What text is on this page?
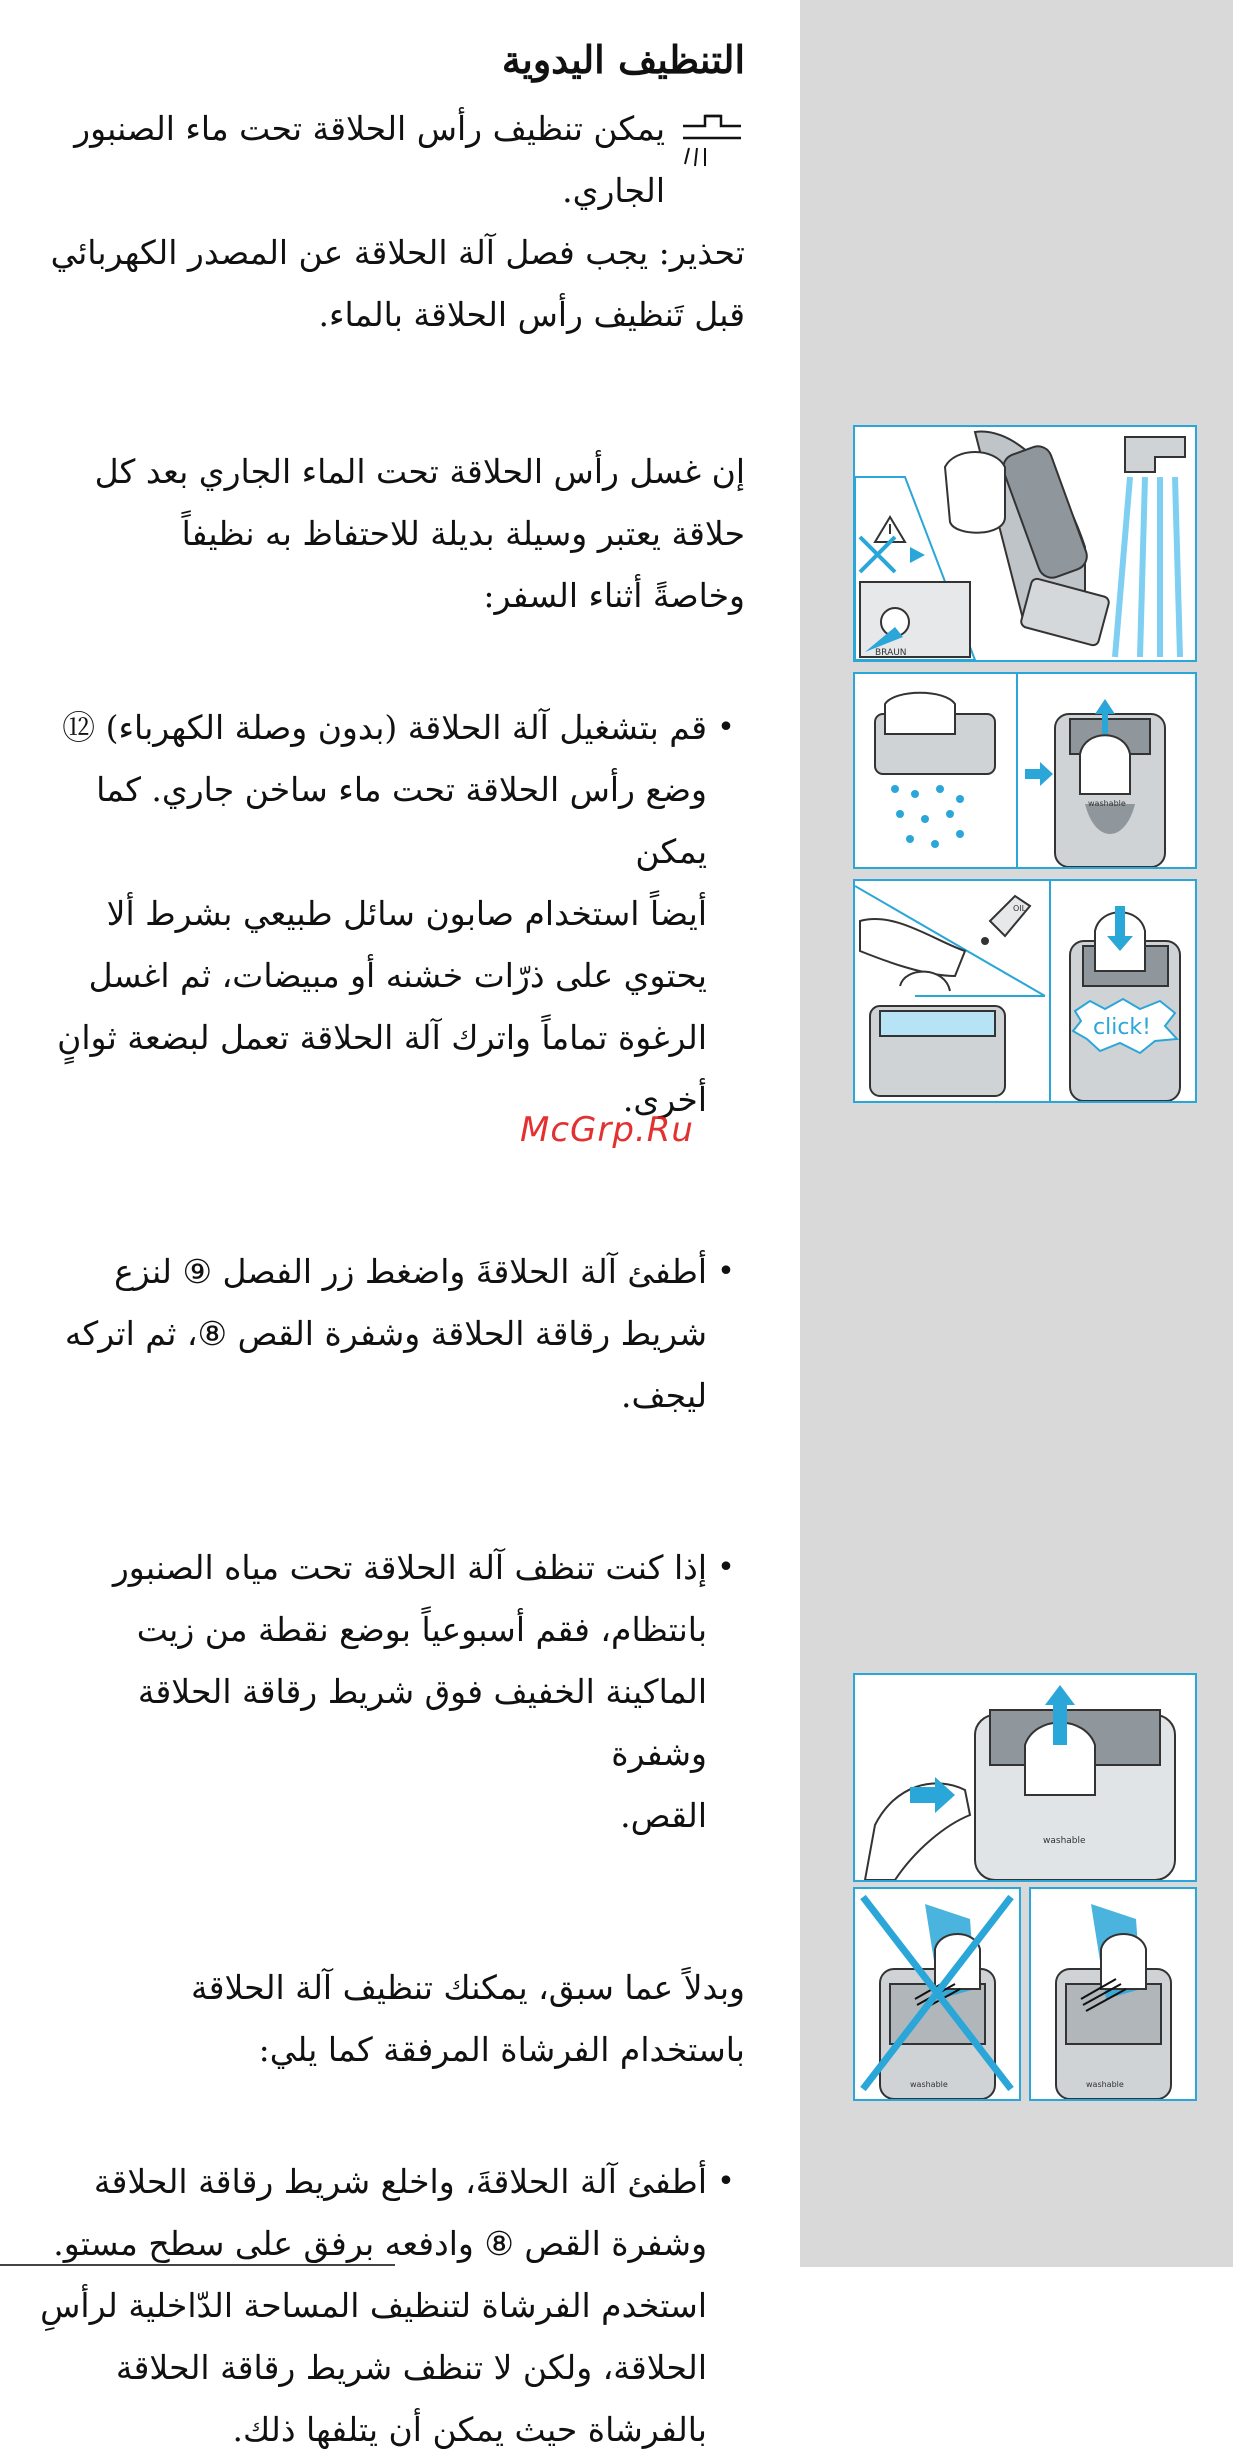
التنظيف اليدوية

يمكن تنظيف رأس الحلاقة تحت ماء الصنبور

الجاري.

تحذير: يجب فصل آلة الحلاقة عن المصدر الكهربائي

قبل تَنظيف رأس الحلاقة بالماء.

إن غسل رأس الحلاقة تحت الماء الجاري بعد كل

حلاقة يعتبر وسيلة بديلة للاحتفاظ به نظيفاً

وخاصةً أثناء السفر:

•

قم بتشغيل آلة الحلاقة (بدون وصلة الكهرباء) ⑫

وضع رأس الحلاقة تحت ماء ساخن جاري. كما يمكن

أيضاً استخدام صابون سائل طبيعي بشرط ألا

يحتوي على ذرّات خشنه أو مبيضات، ثم اغسل

الرغوة تماماً واترك آلة الحلاقة تعمل لبضعة ثوانٍ

أخرى.

•

أطفئ آلة الحلاقةَ واضغط زر الفصل ⑨ لنزع

شريط رقاقة الحلاقة وشفرة القص ⑧، ثم اتركه

ليجف.

•

إذا كنت تنظف آلة الحلاقة تحت مياه الصنبور

بانتظام، فقم أسبوعياً بوضع نقطة من زيت

الماكينة الخفيف فوق شريط رقاقة الحلاقة وشفرة

القص.

وبدلاً عما سبق، يمكنك تنظيف آلة الحلاقة

باستخدام الفرشاة المرفقة كما يلي:

•

أطفئ آلة الحلاقةَ، واخلع شريط رقاقة الحلاقة

وشفرة القص ⑧ وادفعه برفق على سطح مستو.

استخدم الفرشاة لتنظيف المساحة الدّاخلية لرأسِ

الحلاقة، ولكن لا تنظف شريط رقاقة الحلاقة

بالفرشاة حيث يمكن أن يتلفها ذلك.

McGrp.Ru
BRAUN
washable
OIL
click!
washable
washable	washable
